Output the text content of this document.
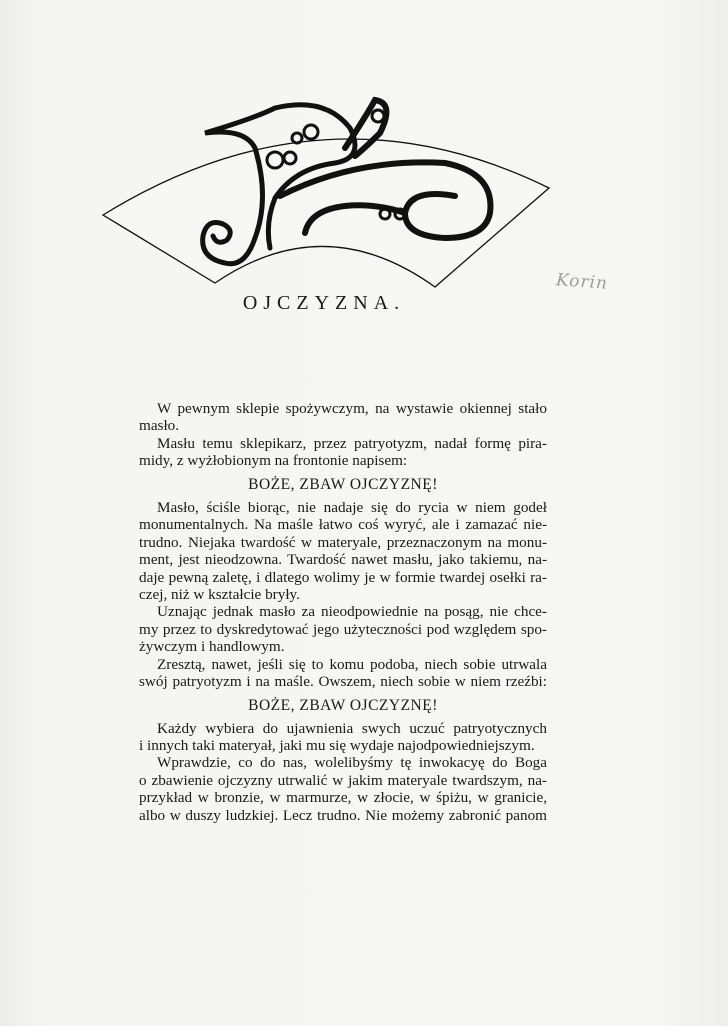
OJCZYZNA.
Korin
W pewnym sklepie spożywczym, na wystawie okiennej stało
masło.
Masłu temu sklepikarz, przez patryotyzm, nadał formę pira-
midy, z wyżłobionym na frontonie napisem:
BOŻE, ZBAW OJCZYZNĘ!
Masło, ściśle biorąc, nie nadaje się do rycia w niem godeł
monumentalnych. Na maśle łatwo coś wyryć, ale i zamazać nie-
trudno. Niejaka twardość w materyale, przeznaczonym na monu-
ment, jest nieodzowna. Twardość nawet masłu, jako takiemu, na-
daje pewną zaletę, i dlatego wolimy je w formie twardej osełki ra-
czej, niż w kształcie bryły.
Uznając jednak masło za nieodpowiednie na posąg, nie chce-
my przez to dyskredytować jego użyteczności pod względem spo-
żywczym i handlowym.
Zresztą, nawet, jeśli się to komu podoba, niech sobie utrwala
swój patryotyzm i na maśle. Owszem, niech sobie w niem rzeźbi:
BOŻE, ZBAW OJCZYZNĘ!
Każdy wybiera do ujawnienia swych uczuć patryotycznych
i innych taki materyał, jaki mu się wydaje najodpowiedniejszym.
Wprawdzie, co do nas, wolelibyśmy tę inwokacyę do Boga
o zbawienie ojczyzny utrwalić w jakim materyale twardszym, na-
przykład w bronzie, w marmurze, w złocie, w śpiżu, w granicie,
albo w duszy ludzkiej. Lecz trudno. Nie możemy zabronić panom
